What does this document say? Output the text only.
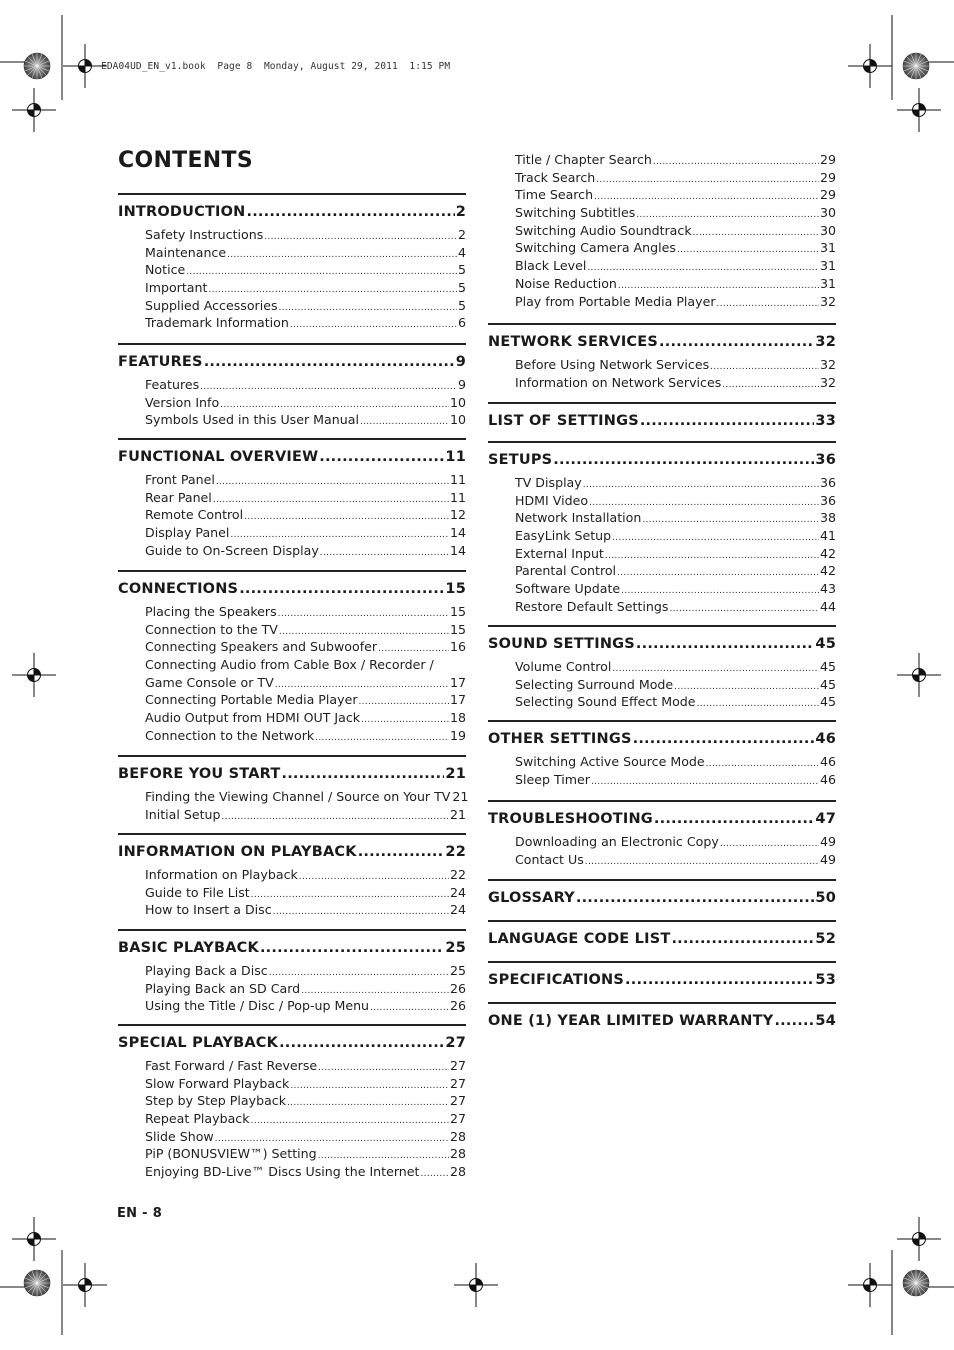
EDA04UD_EN_v1.book  Page 8  Monday, August 29, 2011  1:15 PM
CONTENTS
INTRODUCTION .....	2
Safety Instructions .....	2
Maintenance .....	4
Notice .....	5
Important .....	5
Supplied Accessories .....	5
Trademark Information .....	6
FEATURES .....	9
Features .....	9
Version Info .....	10
Symbols Used in this User Manual .....	10
FUNCTIONAL OVERVIEW .....	11
Front Panel .....	11
Rear Panel .....	11
Remote Control .....	12
Display Panel .....	14
Guide to On-Screen Display .....	14
CONNECTIONS .....	15
Placing the Speakers .....	15
Connection to the TV .....	15
Connecting Speakers and Subwoofer .....	16
Connecting Audio from Cable Box / Recorder /
Game Console or TV .....	17
Connecting Portable Media Player .....	17
Audio Output from HDMI OUT Jack .....	18
Connection to the Network .....	19
BEFORE YOU START .....	21
Finding the Viewing Channel / Source on Your TV 21
Initial Setup .....	21
INFORMATION ON PLAYBACK .....	22
Information on Playback .....	22
Guide to File List .....	24
How to Insert a Disc .....	24
BASIC PLAYBACK .....	25
Playing Back a Disc .....	25
Playing Back an SD Card .....	26
Using the Title / Disc / Pop-up Menu .....	26
SPECIAL PLAYBACK .....	27
Fast Forward / Fast Reverse .....	27
Slow Forward Playback .....	27
Step by Step Playback .....	27
Repeat Playback .....	27
Slide Show .....	28
PiP (BONUSVIEW™) Setting .....	28
Enjoying BD-Live™ Discs Using the Internet ..... 28
Title / Chapter Search .....	29
Track Search .....	29
Time Search .....	29
Switching Subtitles .....	30
Switching Audio Soundtrack .....	30
Switching Camera Angles .....	31
Black Level .....	31
Noise Reduction .....	31
Play from Portable Media Player .....	32
NETWORK SERVICES .....	32
Before Using Network Services .....	32
Information on Network Services .....	32
LIST OF SETTINGS .....	33
SETUPS .....	36
TV Display .....	36
HDMI Video .....	36
Network Installation .....	38
EasyLink Setup .....	41
External Input .....	42
Parental Control .....	42
Software Update .....	43
Restore Default Settings .....	44
SOUND SETTINGS .....	45
Volume Control .....	45
Selecting Surround Mode .....	45
Selecting Sound Effect Mode .....	45
OTHER SETTINGS .....	46
Switching Active Source Mode .....	46
Sleep Timer .....	46
TROUBLESHOOTING .....	47
Downloading an Electronic Copy .....	49
Contact Us .....	49
GLOSSARY .....	50
LANGUAGE CODE LIST .....	52
SPECIFICATIONS .....	53
ONE (1) YEAR LIMITED WARRANTY .....	54
EN - 8
